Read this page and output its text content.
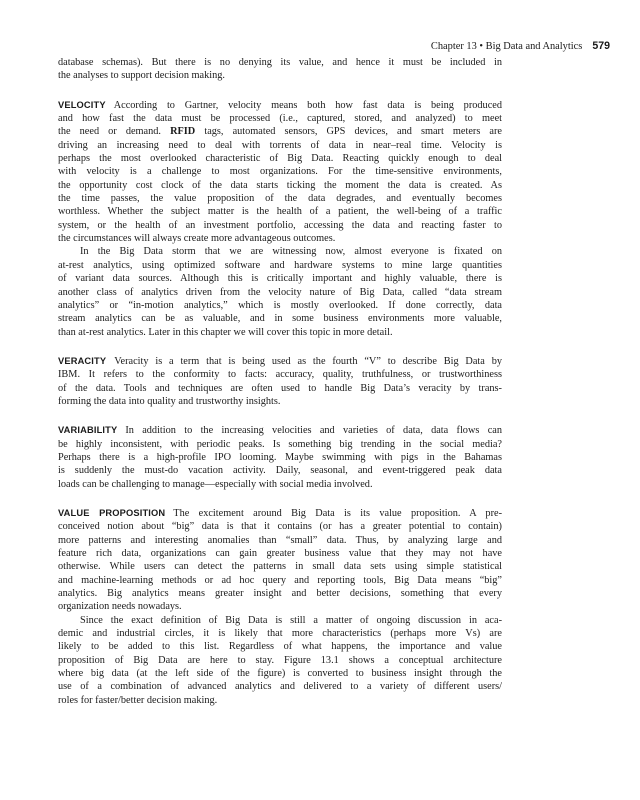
Chapter 13 • Big Data and Analytics 579
database schemas). But there is no denying its value, and hence it must be included in
the analyses to support decision making.
VELOCITY According to Gartner, velocity means both how fast data is being produced
and how fast the data must be processed (i.e., captured, stored, and analyzed) to meet
the need or demand. RFID tags, automated sensors, GPS devices, and smart meters are
driving an increasing need to deal with torrents of data in near–real time. Velocity is
perhaps the most overlooked characteristic of Big Data. Reacting quickly enough to deal
with velocity is a challenge to most organizations. For the time-sensitive environments,
the opportunity cost clock of the data starts ticking the moment the data is created. As
the time passes, the value proposition of the data degrades, and eventually becomes
worthless. Whether the subject matter is the health of a patient, the well-being of a traffic
system, or the health of an investment portfolio, accessing the data and reacting faster to
the circumstances will always create more advantageous outcomes.
In the Big Data storm that we are witnessing now, almost everyone is fixated on
at-rest analytics, using optimized software and hardware systems to mine large quantities
of variant data sources. Although this is critically important and highly valuable, there is
another class of analytics driven from the velocity nature of Big Data, called “data stream
analytics” or “in-motion analytics,” which is mostly overlooked. If done correctly, data
stream analytics can be as valuable, and in some business environments more valuable,
than at-rest analytics. Later in this chapter we will cover this topic in more detail.
VERACITY Veracity is a term that is being used as the fourth “V” to describe Big Data by
IBM. It refers to the conformity to facts: accuracy, quality, truthfulness, or trustworthiness
of the data. Tools and techniques are often used to handle Big Data’s veracity by trans-
forming the data into quality and trustworthy insights.
VARIABILITY In addition to the increasing velocities and varieties of data, data flows can
be highly inconsistent, with periodic peaks. Is something big trending in the social media?
Perhaps there is a high-profile IPO looming. Maybe swimming with pigs in the Bahamas
is suddenly the must-do vacation activity. Daily, seasonal, and event-triggered peak data
loads can be challenging to manage—especially with social media involved.
VALUE PROPOSITION The excitement around Big Data is its value proposition. A pre-
conceived notion about “big” data is that it contains (or has a greater potential to contain)
more patterns and interesting anomalies than “small” data. Thus, by analyzing large and
feature rich data, organizations can gain greater business value that they may not have
otherwise. While users can detect the patterns in small data sets using simple statistical
and machine-learning methods or ad hoc query and reporting tools, Big Data means “big”
analytics. Big analytics means greater insight and better decisions, something that every
organization needs nowadays.
Since the exact definition of Big Data is still a matter of ongoing discussion in aca-
demic and industrial circles, it is likely that more characteristics (perhaps more Vs) are
likely to be added to this list. Regardless of what happens, the importance and value
proposition of Big Data are here to stay. Figure 13.1 shows a conceptual architecture
where big data (at the left side of the figure) is converted to business insight through the
use of a combination of advanced analytics and delivered to a variety of different users/
roles for faster/better decision making.
